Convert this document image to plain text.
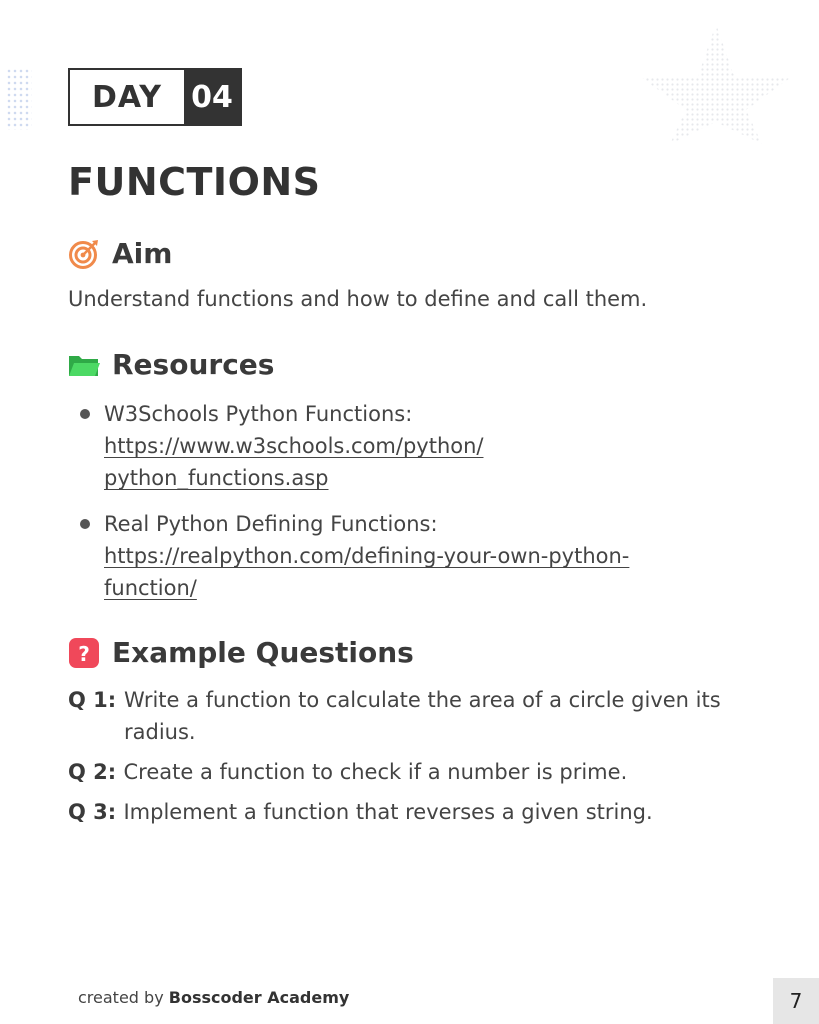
DAY 04
FUNCTIONS
Aim
Understand functions and how to define and call them.
Resources
W3Schools Python Functions:
https://www.w3schools.com/python/
python_functions.asp
Real Python Defining Functions:
https://realpython.com/defining-your-own-python-
function/
? Example Questions
Q 1: Write a function to calculate the area of a circle given its radius.
Q 2: Create a function to check if a number is prime.
Q 3: Implement a function that reverses a given string.
created by Bosscoder Academy	7
